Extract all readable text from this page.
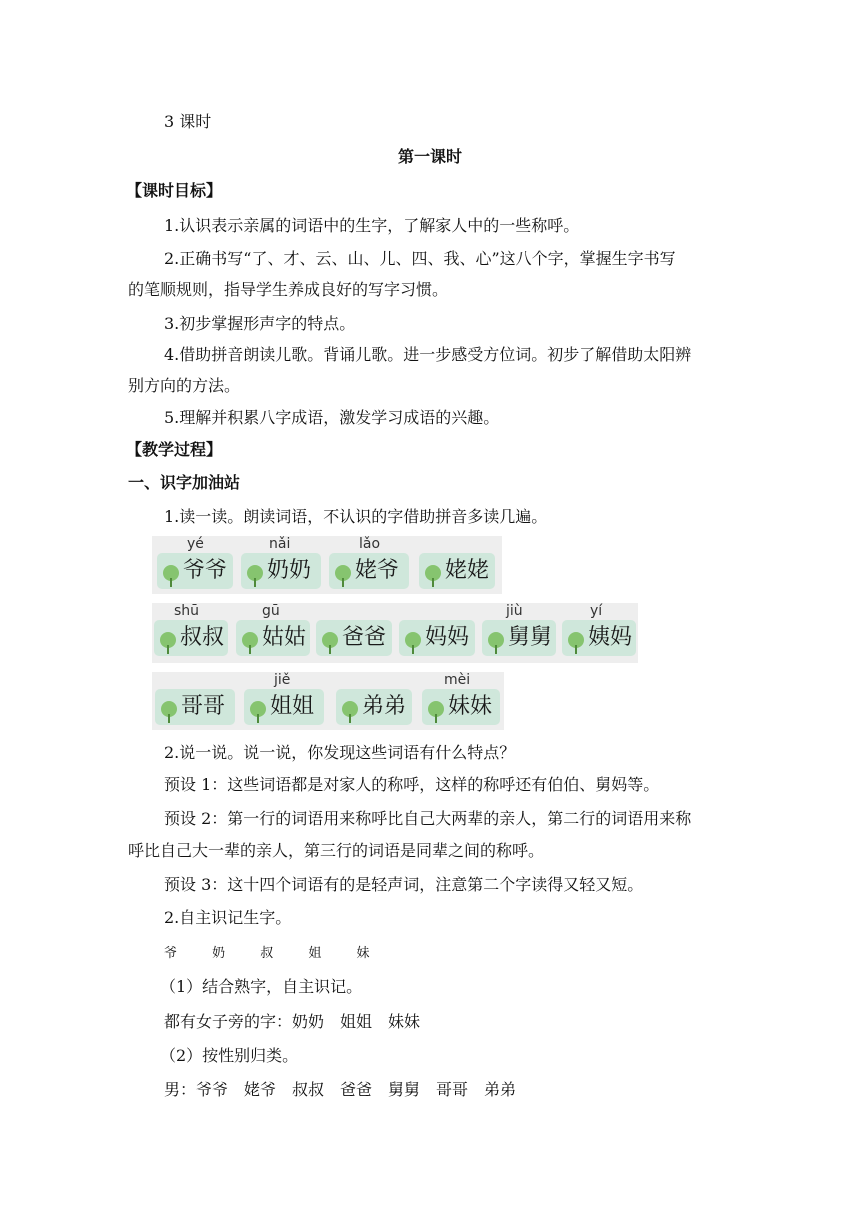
3 课时
第一课时
【课时目标】
1.认识表示亲属的词语中的生字，了解家人中的一些称呼。
2.正确书写“了、才、云、山、儿、四、我、心”这八个字，掌握生字书写
的笔顺规则，指导学生养成良好的写字习惯。
3.初步掌握形声字的特点。
4.借助拼音朗读儿歌。背诵儿歌。进一步感受方位词。初步了解借助太阳辨
别方向的方法。
5.理解并积累八字成语，激发学习成语的兴趣。
【教学过程】
一、识字加油站
1.读一读。朗读词语，不认识的字借助拼音多读几遍。
爷爷
yé
奶奶
nǎi
姥爷
lǎo
姥姥
叔叔
shū
姑姑
gū
爸爸 妈妈 舅舅
jiù
姨妈
yí
哥哥 姐姐
jiě
弟弟 妹妹
mèi
2.说一说。说一说，你发现这些词语有什么特点？
预设 1：这些词语都是对家人的称呼，这样的称呼还有伯伯、舅妈等。
预设 2：第一行的词语用来称呼比自己大两辈的亲人，第二行的词语用来称
呼比自己大一辈的亲人，第三行的词语是同辈之间的称呼。
预设 3：这十四个词语有的是轻声词，注意第二个字读得又轻又短。
2.自主识记生字。
爷	奶	叔	姐	妹
（1）结合熟字，自主识记。
都有女子旁的字：奶奶　姐姐　妹妹
（2）按性别归类。
男：爷爷　姥爷　叔叔　爸爸　舅舅　哥哥　弟弟
